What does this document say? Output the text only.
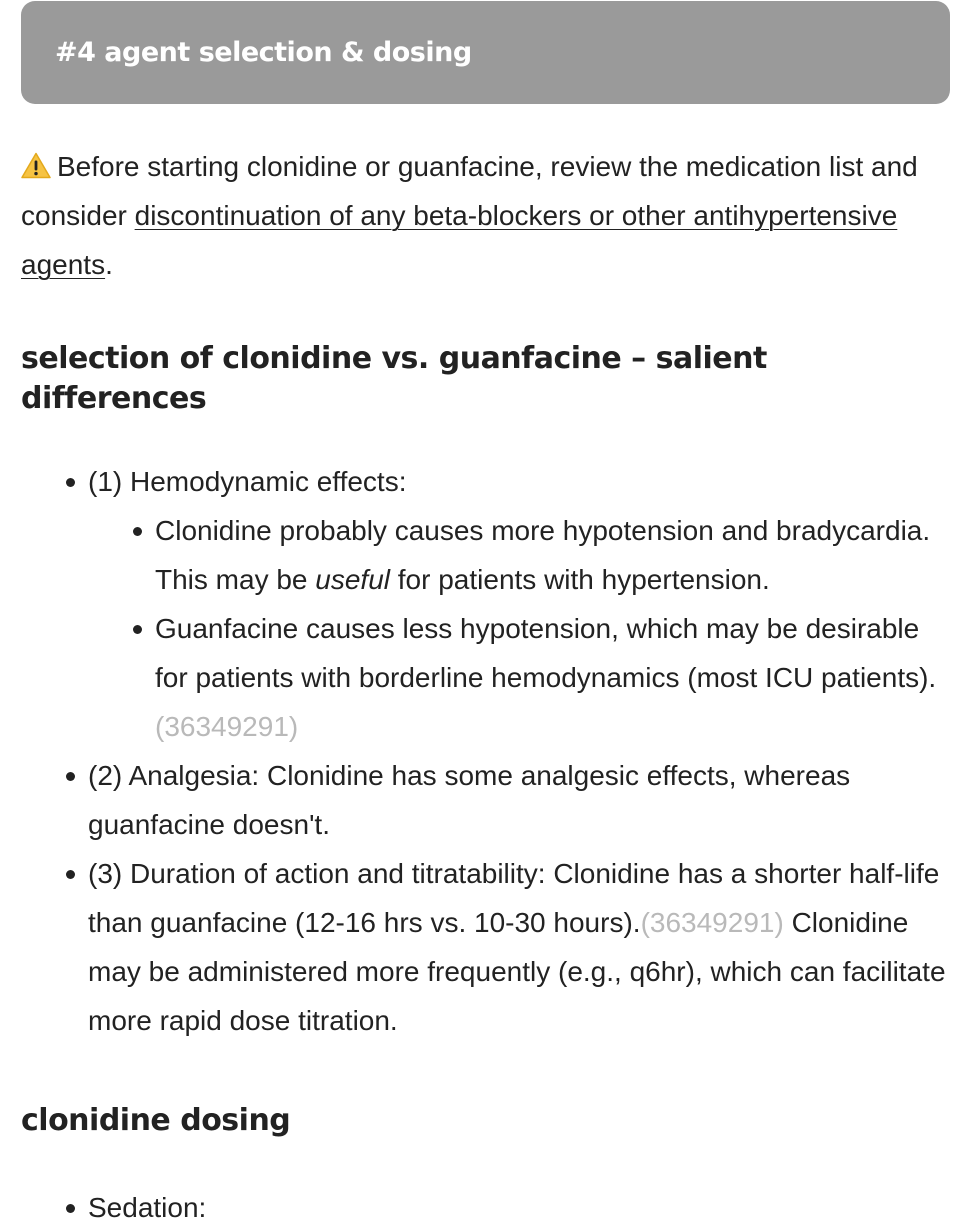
#4 agent selection & dosing

Before starting clonidine or guanfacine, review the medication list and consider discontinuation of any beta-blockers or other antihypertensive agents.

selection of clonidine vs. guanfacine – salient differences
(1) Hemodynamic effects:
Clonidine probably causes more hypotension and bradycardia. This may be useful for patients with hypertension.
Guanfacine causes less hypotension, which may be desirable for patients with borderline hemodynamics (most ICU patients).(36349291)
(2) Analgesia: Clonidine has some analgesic effects, whereas guanfacine doesn't.
(3) Duration of action and titratability: Clonidine has a shorter half-life than guanfacine (12-16 hrs vs. 10-30 hours).(36349291) Clonidine may be administered more frequently (e.g., q6hr), which can facilitate more rapid dose titration.
clonidine dosing
Sedation:
